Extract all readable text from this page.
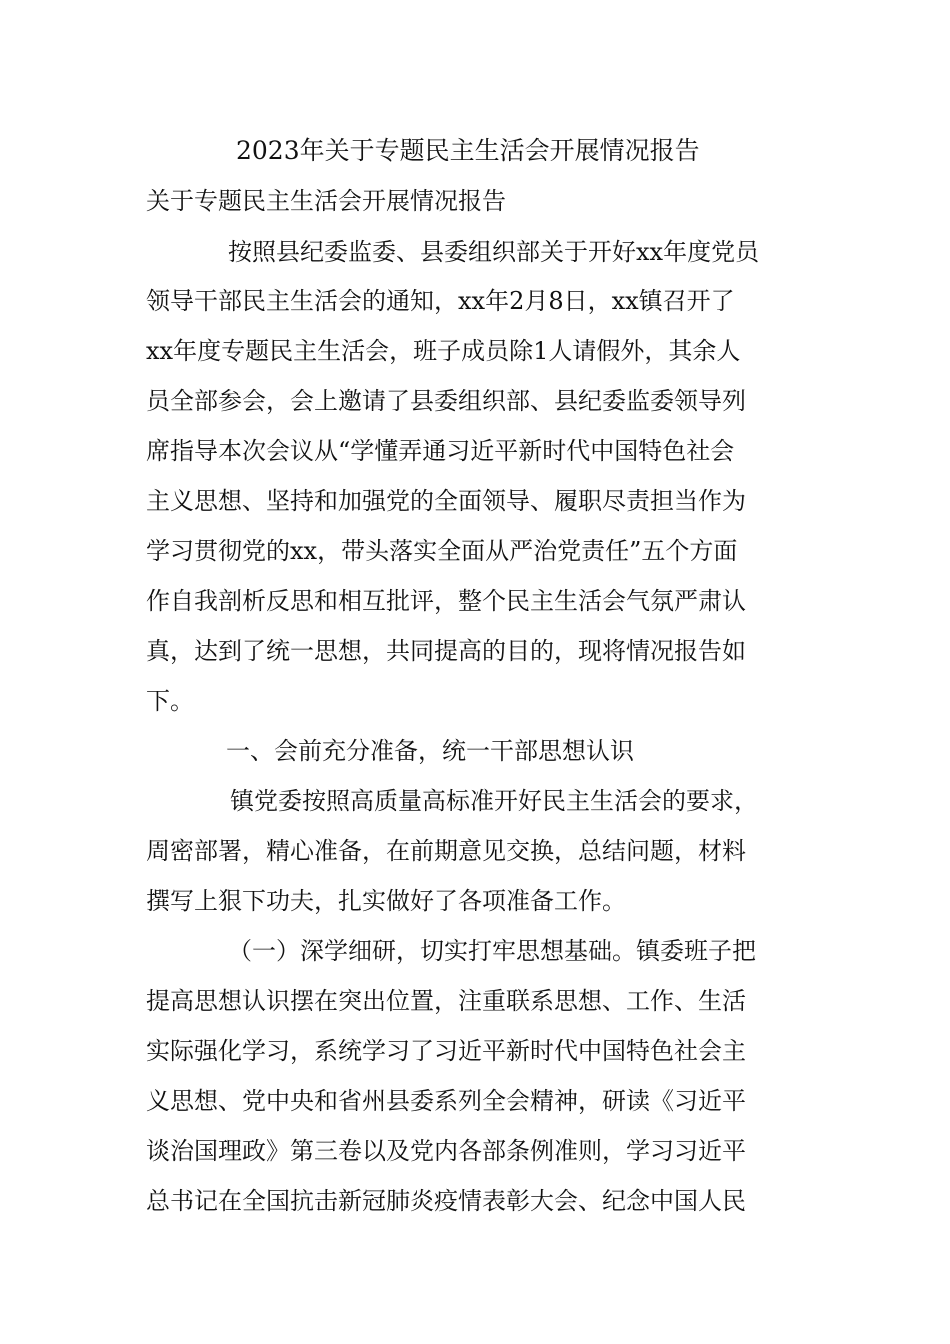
2023年关于专题民主生活会开展情况报告
关于专题民主生活会开展情况报告
按照县纪委监委、县委组织部关于开好xx年度党员
领导干部民主生活会的通知，xx年2月8日，xx镇召开了
xx年度专题民主生活会，班子成员除1人请假外，其余人
员全部参会，会上邀请了县委组织部、县纪委监委领导列
席指导本次会议从“学懂弄通习近平新时代中国特色社会
主义思想、坚持和加强党的全面领导、履职尽责担当作为
学习贯彻党的xx，带头落实全面从严治党责任”五个方面
作自我剖析反思和相互批评，整个民主生活会气氛严肃认
真，达到了统一思想，共同提高的目的，现将情况报告如
下。
一、会前充分准备，统一干部思想认识
镇党委按照高质量高标准开好民主生活会的要求，
周密部署，精心准备，在前期意见交换，总结问题，材料
撰写上狠下功夫，扎实做好了各项准备工作。
（一）深学细研，切实打牢思想基础。镇委班子把
提高思想认识摆在突出位置，注重联系思想、工作、生活
实际强化学习，系统学习了习近平新时代中国特色社会主
义思想、党中央和省州县委系列全会精神，研读《习近平
谈治国理政》第三卷以及党内各部条例准则，学习习近平
总书记在全国抗击新冠肺炎疫情表彰大会、纪念中国人民
